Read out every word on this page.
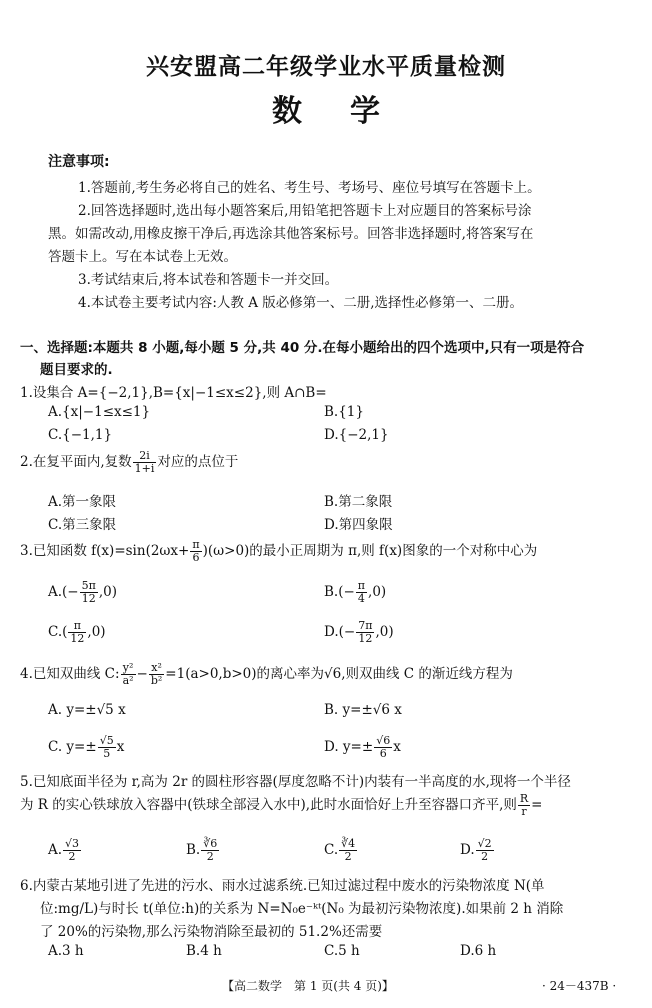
兴安盟高二年级学业水平质量检测
数学
注意事项:
1.答题前,考生务必将自己的姓名、考生号、考场号、座位号填写在答题卡上。
2.回答选择题时,选出每小题答案后,用铅笔把答题卡上对应题目的答案标号涂
黑。如需改动,用橡皮擦干净后,再选涂其他答案标号。回答非选择题时,将答案写在
答题卡上。写在本试卷上无效。
3.考试结束后,将本试卷和答题卡一并交回。
4.本试卷主要考试内容:人教 A 版必修第一、二册,选择性必修第一、二册。
一、选择题:本题共 8 小题,每小题 5 分,共 40 分.在每小题给出的四个选项中,只有一项是符合
题目要求的.
1.设集合 A={−2,1},B={x|−1≤x≤2},则 A∩B=
A.{x|−1≤x≤1}	B.{1}
C.{−1,1}	D.{−2,1}
2.在复平面内,复数 $\frac{2i}{1+i}$ 对应的点位于
A.第一象限	B.第二象限
C.第三象限	D.第四象限
3.已知函数 $f(x)=\sin(2\omega x+ \frac{\pi}{6} )(\omega>0)$的最小正周期为 π,则 f(x)图象的一个对称中心为
$A.(- \frac{5\pi}{12} ,0)$	$B.(- \frac{\pi}{4} ,0)$
$C.( \frac{\pi}{12} ,0)$	$D.(- \frac{7\pi}{12} ,0)$
4.已知双曲线 C: $\frac{\text{y²}}{\text{a²}} - \frac{\text{x²}}{\text{b²}} =1(a>0,b>0)$的离心率为√6,则双曲线 C 的渐近线方程为
A. y=±√5 x	B. y=±√6 x
C. $y=\pm \frac{√5}{5}$ x	D. $y=\pm \frac{√6}{6}$ x
5.已知底面半径为 r,高为 2r 的圆柱形容器(厚度忽略不计)内装有一半高度的水,现将一个半径
为 R 的实心铁球放入容器中(铁球全部浸入水中),此时水面恰好上升至容器口齐平,则 $\frac{R}{r}$ =
A. $\frac{√3}{2}$	B. $\frac{∛6}{2}$	C. $\frac{∛4}{2}$	D. $\frac{√2}{2}$
6.内蒙古某地引进了先进的污水、雨水过滤系统.已知过滤过程中废水的污染物浓度 N(单
位:mg/L)与时长 t(单位:h)的关系为 N=N₀e⁻ᵏᵗ(N₀ 为最初污染物浓度).如果前 2 h 消除
了 20%的污染物,那么污染物消除至最初的 51.2%还需要
A.3 h	B.4 h	C.5 h	D.6 h
【高二数学　第 1 页(共 4 页)】	· 24－437B ·
